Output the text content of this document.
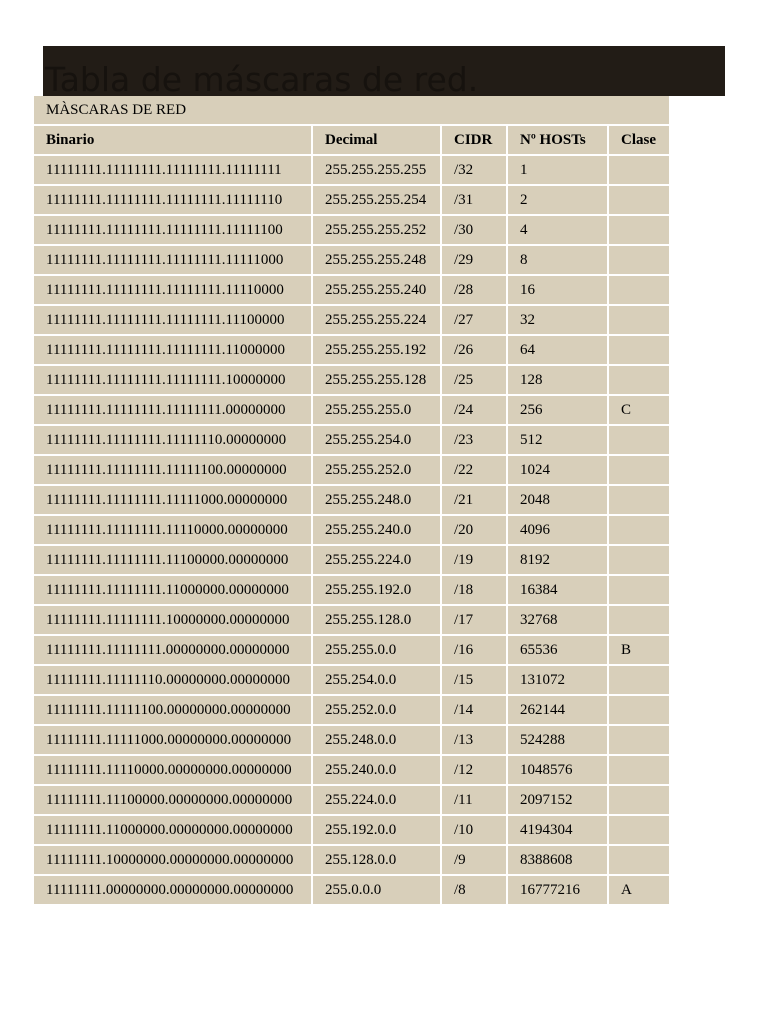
Tabla de máscaras de red.
MÀSCARAS DE RED				
Binario	Decimal	CIDR	Nº HOSTs	Clase
11111111.11111111.11111111.11111111	255.255.255.255	/32	1	
11111111.11111111.11111111.11111110	255.255.255.254	/31	2	
11111111.11111111.11111111.11111100	255.255.255.252	/30	4	
11111111.11111111.11111111.11111000	255.255.255.248	/29	8	
11111111.11111111.11111111.11110000	255.255.255.240	/28	16	
11111111.11111111.11111111.11100000	255.255.255.224	/27	32	
11111111.11111111.11111111.11000000	255.255.255.192	/26	64	
11111111.11111111.11111111.10000000	255.255.255.128	/25	128	
11111111.11111111.11111111.00000000	255.255.255.0	/24	256	C
11111111.11111111.11111110.00000000	255.255.254.0	/23	512	
11111111.11111111.11111100.00000000	255.255.252.0	/22	1024	
11111111.11111111.11111000.00000000	255.255.248.0	/21	2048	
11111111.11111111.11110000.00000000	255.255.240.0	/20	4096	
11111111.11111111.11100000.00000000	255.255.224.0	/19	8192	
11111111.11111111.11000000.00000000	255.255.192.0	/18	16384	
11111111.11111111.10000000.00000000	255.255.128.0	/17	32768	
11111111.11111111.00000000.00000000	255.255.0.0	/16	65536	B
11111111.11111110.00000000.00000000	255.254.0.0	/15	131072	
11111111.11111100.00000000.00000000	255.252.0.0	/14	262144	
11111111.11111000.00000000.00000000	255.248.0.0	/13	524288	
11111111.11110000.00000000.00000000	255.240.0.0	/12	1048576	
11111111.11100000.00000000.00000000	255.224.0.0	/11	2097152	
11111111.11000000.00000000.00000000	255.192.0.0	/10	4194304	
11111111.10000000.00000000.00000000	255.128.0.0	/9	8388608	
11111111.00000000.00000000.00000000	255.0.0.0	/8	16777216	A
